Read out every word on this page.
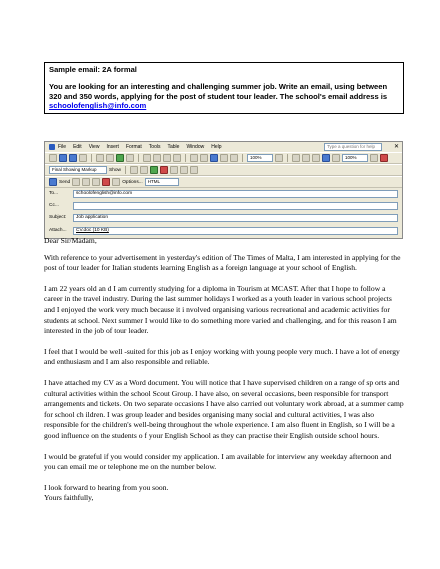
Sample email: 2A formal
You are looking for an interesting and challenging summer job. Write an email, using between 320 and 350 words, applying for the post of student tour leader. The school's email address is schoolofenglish@info.com
File Edit View Insert Format Tools Table Window Help	Type a question for help	✕
100%	100%
Final Showing Markup	Show
Send	Options...	HTML
To...	schoolofenglish@info.com
Cc...
Subject:	Job application
Attach...	CV.doc (10 KB)

Dear Sir/Madam,

With reference to your advertisement in yesterday's edition of The Times of Malta, I am interested in applying for the post of tour leader for Italian students learning English as a foreign language at your school of English.

I am 22 years old an d I am currently studying for a diploma in Tourism at MCAST. After that I hope to follow a career in the travel industry. During the last summer holidays I worked as a youth leader in various school projects and I enjoyed the work very much because it i nvolved organising various recreational and academic activities for students at school. Next summer I would like to do something more varied and challenging, and for this reason I am interested in the job of tour leader.

I feel that I would be well -suited for this job as I enjoy working with young people very much. I have a lot of energy and enthusiasm and I am also responsible and reliable.

I have attached my CV as a Word document. You will notice that I have supervised children on a range of sp orts and cultural activities within the school Scout Group. I have also, on several occasions, been responsible for transport arrangements and tickets. On two separate occasions I have also carried out voluntary work abroad, at a summer camp for school ch ildren. I was group leader and besides organising many social and cultural activities, I was also responsible for the children's well-being throughout the whole experience. I am also fluent in English, so I will be a good influence on the students o f your English School as they can practise their English outside school hours.

I would be grateful if you would consider my application. I am available for interview any weekday afternoon and you can email me or telephone me on the number below.

I look forward to hearing from you soon.

Yours faithfully,
